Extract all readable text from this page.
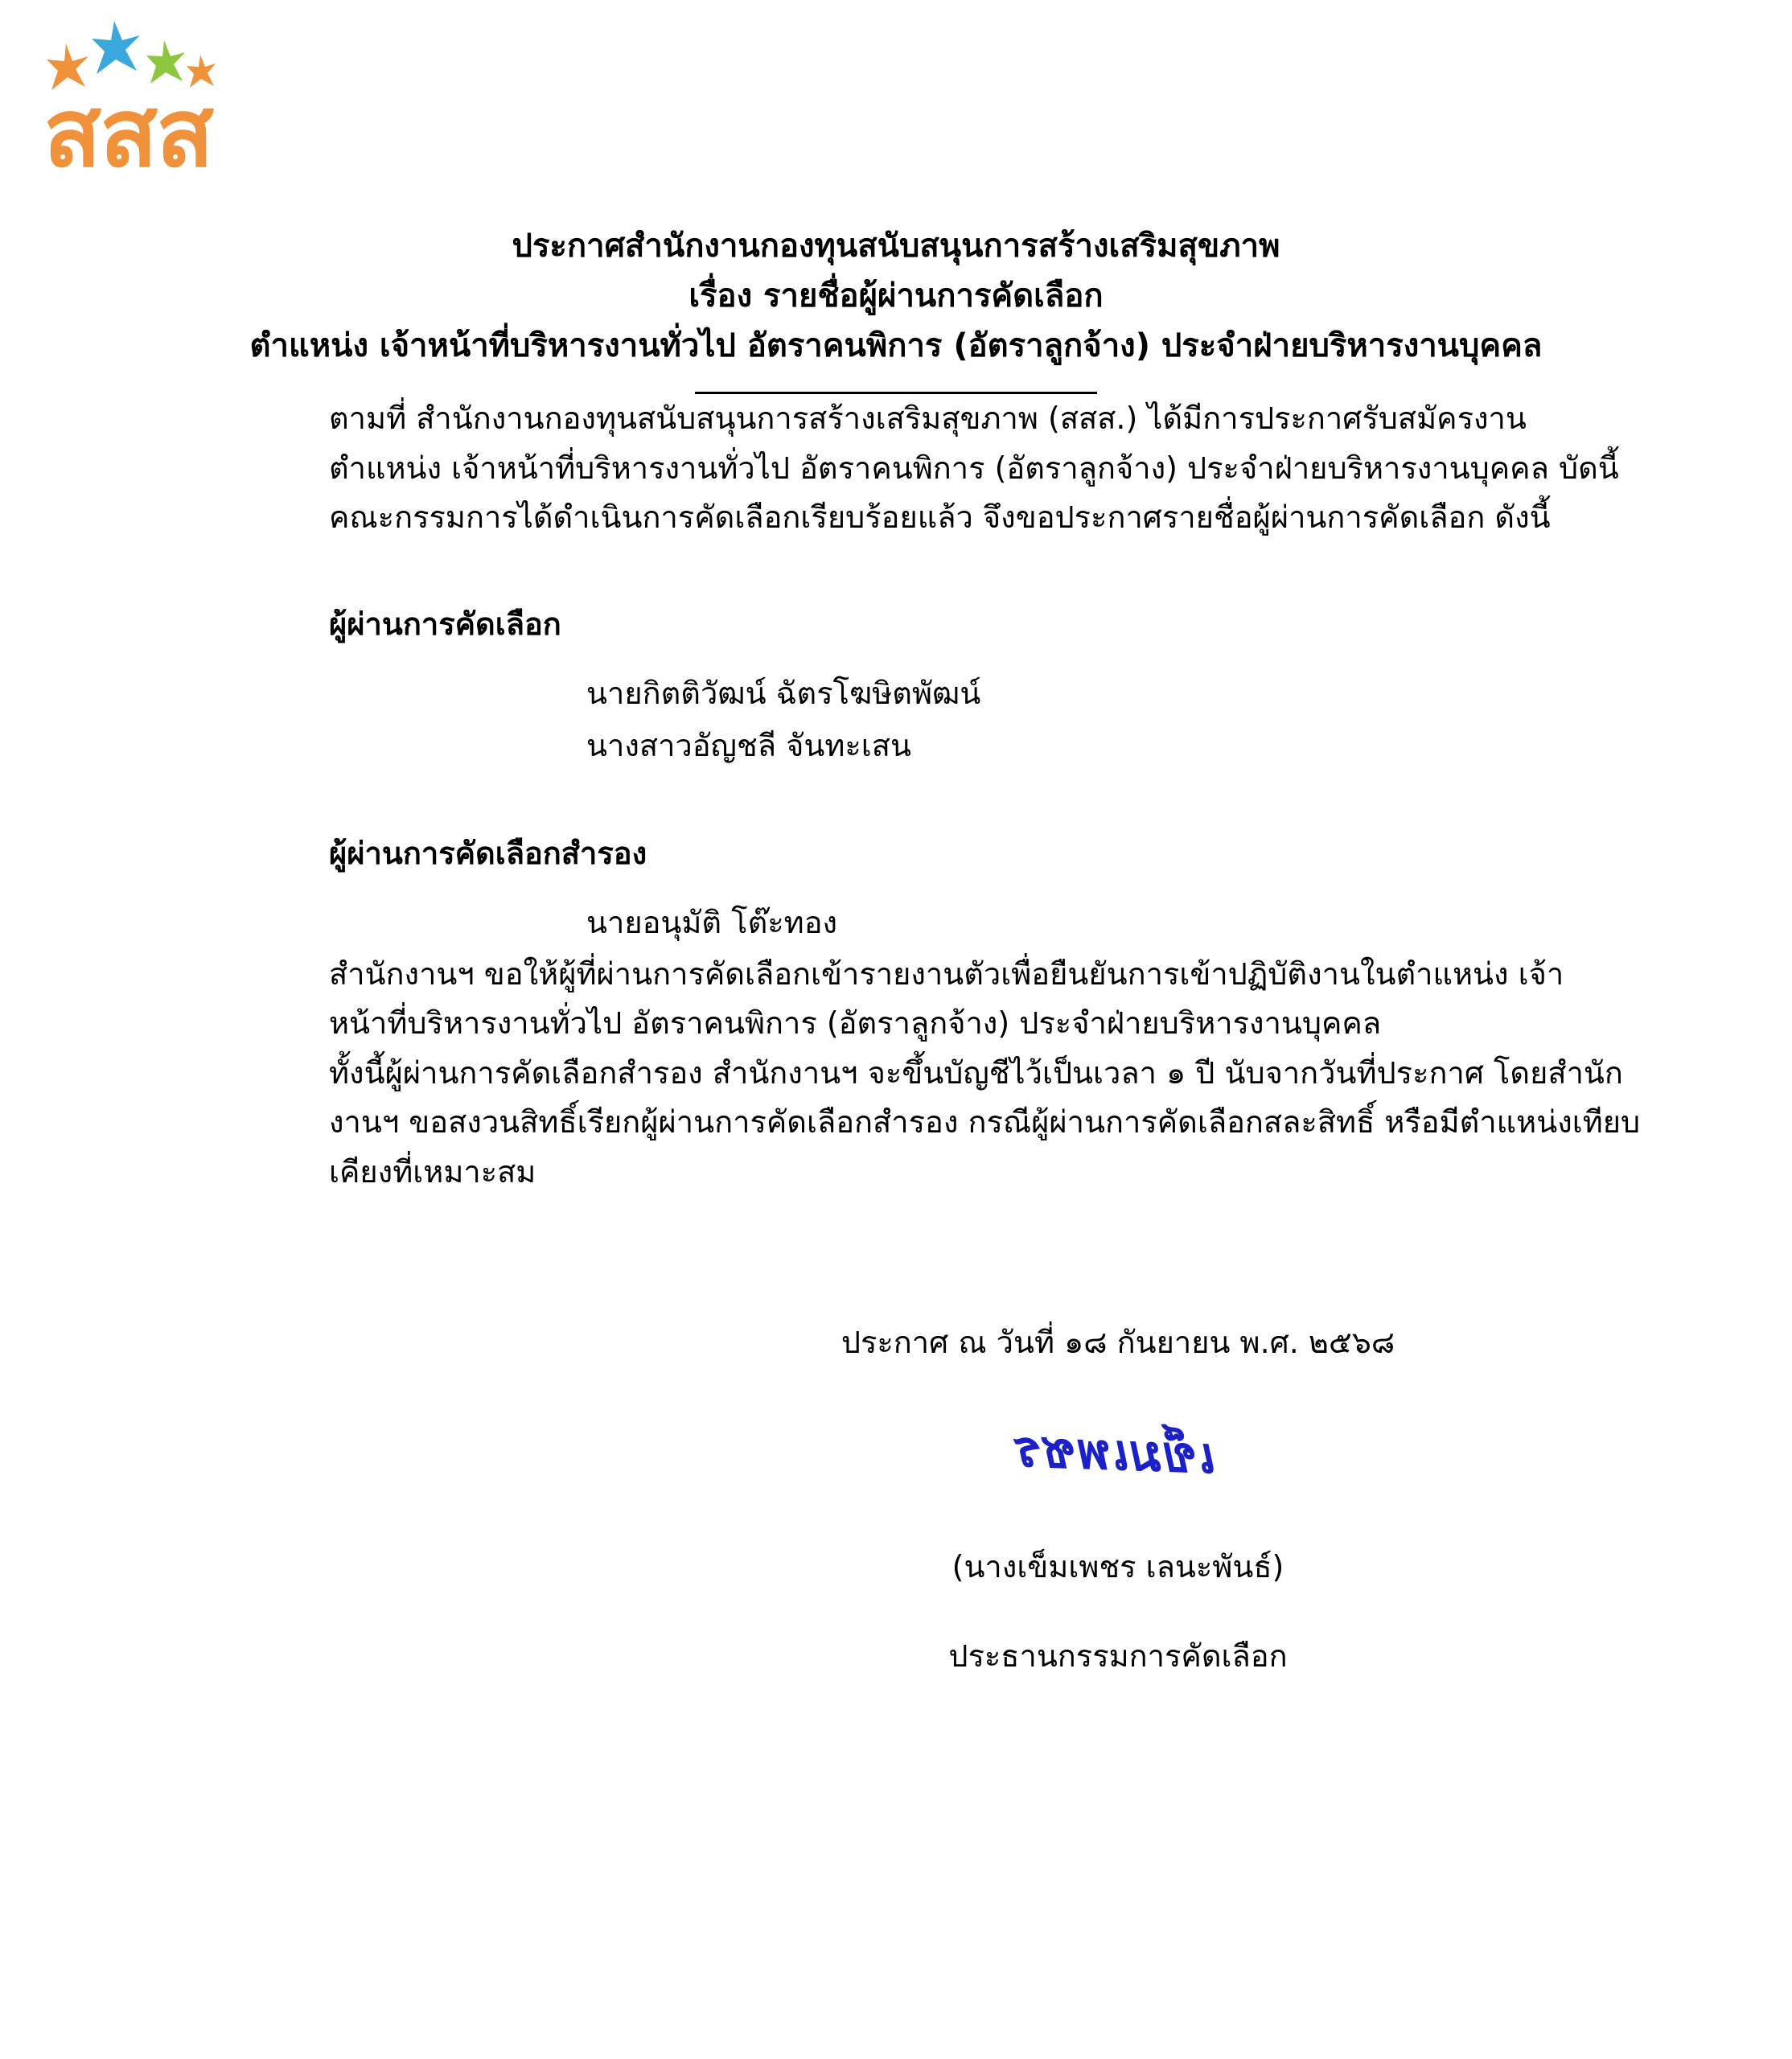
สสส
ประกาศสำนักงานกองทุนสนับสนุนการสร้างเสริมสุขภาพ
เรื่อง รายชื่อผู้ผ่านการคัดเลือก
ตำแหน่ง เจ้าหน้าที่บริหารงานทั่วไป อัตราคนพิการ (อัตราลูกจ้าง) ประจำฝ่ายบริหารงานบุคคล

ตามที่ สำนักงานกองทุนสนับสนุนการสร้างเสริมสุขภาพ (สสส.) ได้มีการประกาศรับสมัครงาน ตำแหน่ง เจ้าหน้าที่บริหารงานทั่วไป อัตราคนพิการ (อัตราลูกจ้าง) ประจำฝ่ายบริหารงานบุคคล บัดนี้ คณะกรรมการได้ดำเนินการคัดเลือกเรียบร้อยแล้ว จึงขอประกาศรายชื่อผู้ผ่านการคัดเลือก ดังนี้

ผู้ผ่านการคัดเลือก
นายกิตติวัฒน์ ฉัตรโฆษิตพัฒน์
นางสาวอัญชลี จันทะเสน
ผู้ผ่านการคัดเลือกสำรอง
นายอนุมัติ โต๊ะทอง

สำนักงานฯ ขอให้ผู้ที่ผ่านการคัดเลือกเข้ารายงานตัวเพื่อยืนยันการเข้าปฏิบัติงานในตำแหน่ง เจ้าหน้าที่บริหารงานทั่วไป อัตราคนพิการ (อัตราลูกจ้าง) ประจำฝ่ายบริหารงานบุคคล

ทั้งนี้ผู้ผ่านการคัดเลือกสำรอง สำนักงานฯ จะขึ้นบัญชีไว้เป็นเวลา ๑ ปี นับจากวันที่ประกาศ โดยสำนักงานฯ ขอสงวนสิทธิ์เรียกผู้ผ่านการคัดเลือกสำรอง กรณีผู้ผ่านการคัดเลือกสละสิทธิ์ หรือมีตำแหน่งเทียบเคียงที่เหมาะสม

ประกาศ ณ วันที่ ๑๘ กันยายน พ.ศ. ๒๕๖๘
เข็มเพชร
(นางเข็มเพชร เลนะพันธ์)
ประธานกรรมการคัดเลือก
